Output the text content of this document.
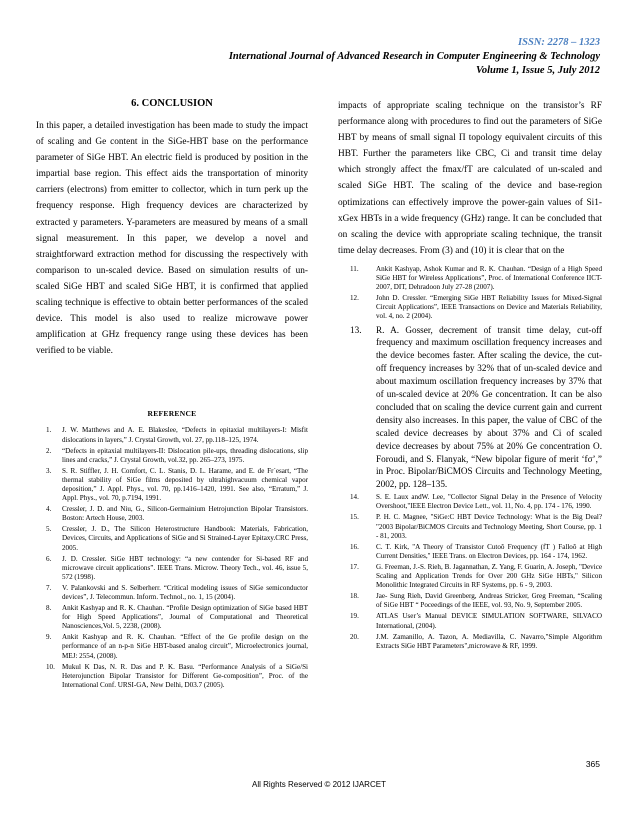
ISSN: 2278 – 1323
International Journal of Advanced Research in Computer Engineering & Technology
Volume 1, Issue 5, July 2012
6. CONCLUSION

In this paper, a detailed investigation has been made to study the impact of scaling and Ge content in the SiGe-HBT base on the performance parameter of SiGe HBT. An electric field is produced by position in the impartial base region. This effect aids the transportation of minority carriers (electrons) from emitter to collector, which in turn perk up the frequency response. High frequency devices are characterized by extracted y parameters. Y-parameters are measured by means of a small signal measurement. In this paper, we develop a novel and straightforward extraction method for discussing the respectively with comparison to un-scaled device. Based on simulation results of un-scaled SiGe HBT and scaled SiGe HBT, it is confirmed that applied scaling technique is effective to obtain better performances of the scaled device. This model is also used to realize microwave power amplification at GHz frequency range using these devices has been verified to be viable.

REFERENCE
1.	J. W. Matthews and A. E. Blakeslee, “Defects in epitaxial multilayers-I: Misfit dislocations in layers,” J. Crystal Growth, vol. 27, pp.118–125, 1974.
2.	“Defects in epitaxial multilayers-II: Dislocation pile-ups, threading dislocations, slip lines and cracks,” J. Crystal Growth, vol.32, pp. 265–273, 1975.
3.	S. R. Stiffler, J. H. Comfort, C. L. Stanis, D. L. Harame, and E. de Fr´esart, “The thermal stability of SiGe films deposited by ultrahighvacuum chemical vapor deposition,” J. Appl. Phys., vol. 70, pp.1416–1420, 1991. See also, “Erratum,” J. Appl. Phys., vol. 70, p.7194, 1991.
4.	Cressler, J. D. and Niu, G., Silicon-Germainium Hetrojunction Bipolar Transistors. Boston: Artech House, 2003.
5.	Cressler, J. D., The Silicon Heterostructure Handbook: Materials, Fabrication, Devices, Circuits, and Applications of SiGe and Si Strained-Layer Epitaxy.CRC Press, 2005.
6.	J. D. Cressler. SiGe HBT technology: “a new contender for Si-based RF and microwave circuit applications”. IEEE Trans. Microw. Theory Tech., vol. 46, issue 5, 572 (1998).
7.	V. Palankovski and S. Selberherr. “Critical modeling issues of SiGe semiconductor devices”, J. Telecommun. Inform. Technol., no. 1, 15 (2004).
8.	Ankit Kashyap and R. K. Chauhan. “Profile Design optimization of SiGe based HBT for High Speed Applications”, Journal of Computational and Theoretical Nanosciences,Vol. 5, 2238, (2008).
9.	Ankit Kashyap and R. K. Chauhan. “Effect of the Ge profile design on the performance of an n-p-n SiGe HBT-based analog circuit”, Microelectronics journal, MEJ: 2554, (2008).
10.	Mukul K Das, N. R. Das and P. K. Basu. “Performance Analysis of a SiGe/Si Heterojunction Bipolar Transistor for Different Ge-composition”, Proc. of the International Conf. URSI-GA, New Delhi, D03.7 (2005).

impacts of appropriate scaling technique on the transistor’s RF performance along with procedures to find out the parameters of SiGe HBT by means of small signal Π topology equivalent circuits of this HBT. Further the parameters like CBC, Ci and transit time delay which strongly affect the fmax/fT are calculated of un-scaled and scaled SiGe HBT. The scaling of the device and base-region optimizations can effectively improve the power-gain values of Si1-xGex HBTs in a wide frequency (GHz) range. It can be concluded that on scaling the device with appropriate scaling technique, the transit time delay decreases. From (3) and (10) it is clear that on the

11.	Ankit Kashyap, Ashok Kumar and R. K. Chauhan. “Design of a High Speed SiGe HBT for Wireless Applications”, Proc. of International Conference IICT-2007, DIT, Dehradoon July 27-28 (2007).
12.	John D. Cressler. “Emerging SiGe HBT Reliability Issues for Mixed-Signal Circuit Applications”, IEEE Transactions on Device and Materials Reliability, vol. 4, no. 2 (2004).
13.	R. A. Gosser, decrement of transit time delay, cut-off frequency and maximum oscillation frequency increases and the device becomes faster. After scaling the device, the cut-off frequency increases by 32% that of un-scaled device and about maximum oscillation frequency increases by 37% that of un-scaled device at 20% Ge concentration. It can be also concluded that on scaling the device current gain and current density also increases. In this paper, the value of CBC of the scaled device decreases by about 37% and Ci of scaled device decreases by about 75% at 20% Ge concentration O. Foroudi, and S. Flanyak, “New bipolar figure of merit ‘fσ’,” in Proc. Bipolar/BiCMOS Circuits and Technology Meeting, 2002, pp. 128–135.
14.	S. E. Laux andW. Lee, "Collector Signal Delay in the Presence of Velocity Overshoot,"IEEE Electron Device Lett., vol. 11, No. 4, pp. 174 - 176, 1990.
15.	P. H. C. Magnee, "SiGe:C HBT Device Technology: What is the Big Deal? "2003 Bipolar/BiCMOS Circuits and Technology Meeting, Short Course, pp. 1 - 81, 2003.
16.	C. T. Kirk, "A Theory of Transistor Cutoõ Frequency (fT ) Falloõ at High Current Densities," IEEE Trans. on Electron Devices, pp. 164 - 174, 1962.
17.	G. Freeman, J.-S. Rieh, B. Jagannathan, Z. Yang, F. Guarin, A. Joseph, "Device Scaling and Application Trends for Over 200 GHz SiGe HBTs," Silicon Monolithic Integrated Circuits in RF Systems, pp. 6 - 9, 2003.
18.	Jae- Sung Rieh, David Greenberg, Andreas Stricker, Greg Freeman, “Scaling of SiGe HBT “ Poceedings of the IEEE, vol. 93, No. 9, September 2005.
19.	ATLAS User’s Manual DEVICE SIMULATION SOFTWARE, SILVACO International, (2004).
20.	J.M. Zamanillo, A. Tazon, A. Mediavilla, C. Navarro,"Simple Algorithm Extracts SiGe HBT Parameters",microwave & RF, 1999.
365
All Rights Reserved © 2012 IJARCET
